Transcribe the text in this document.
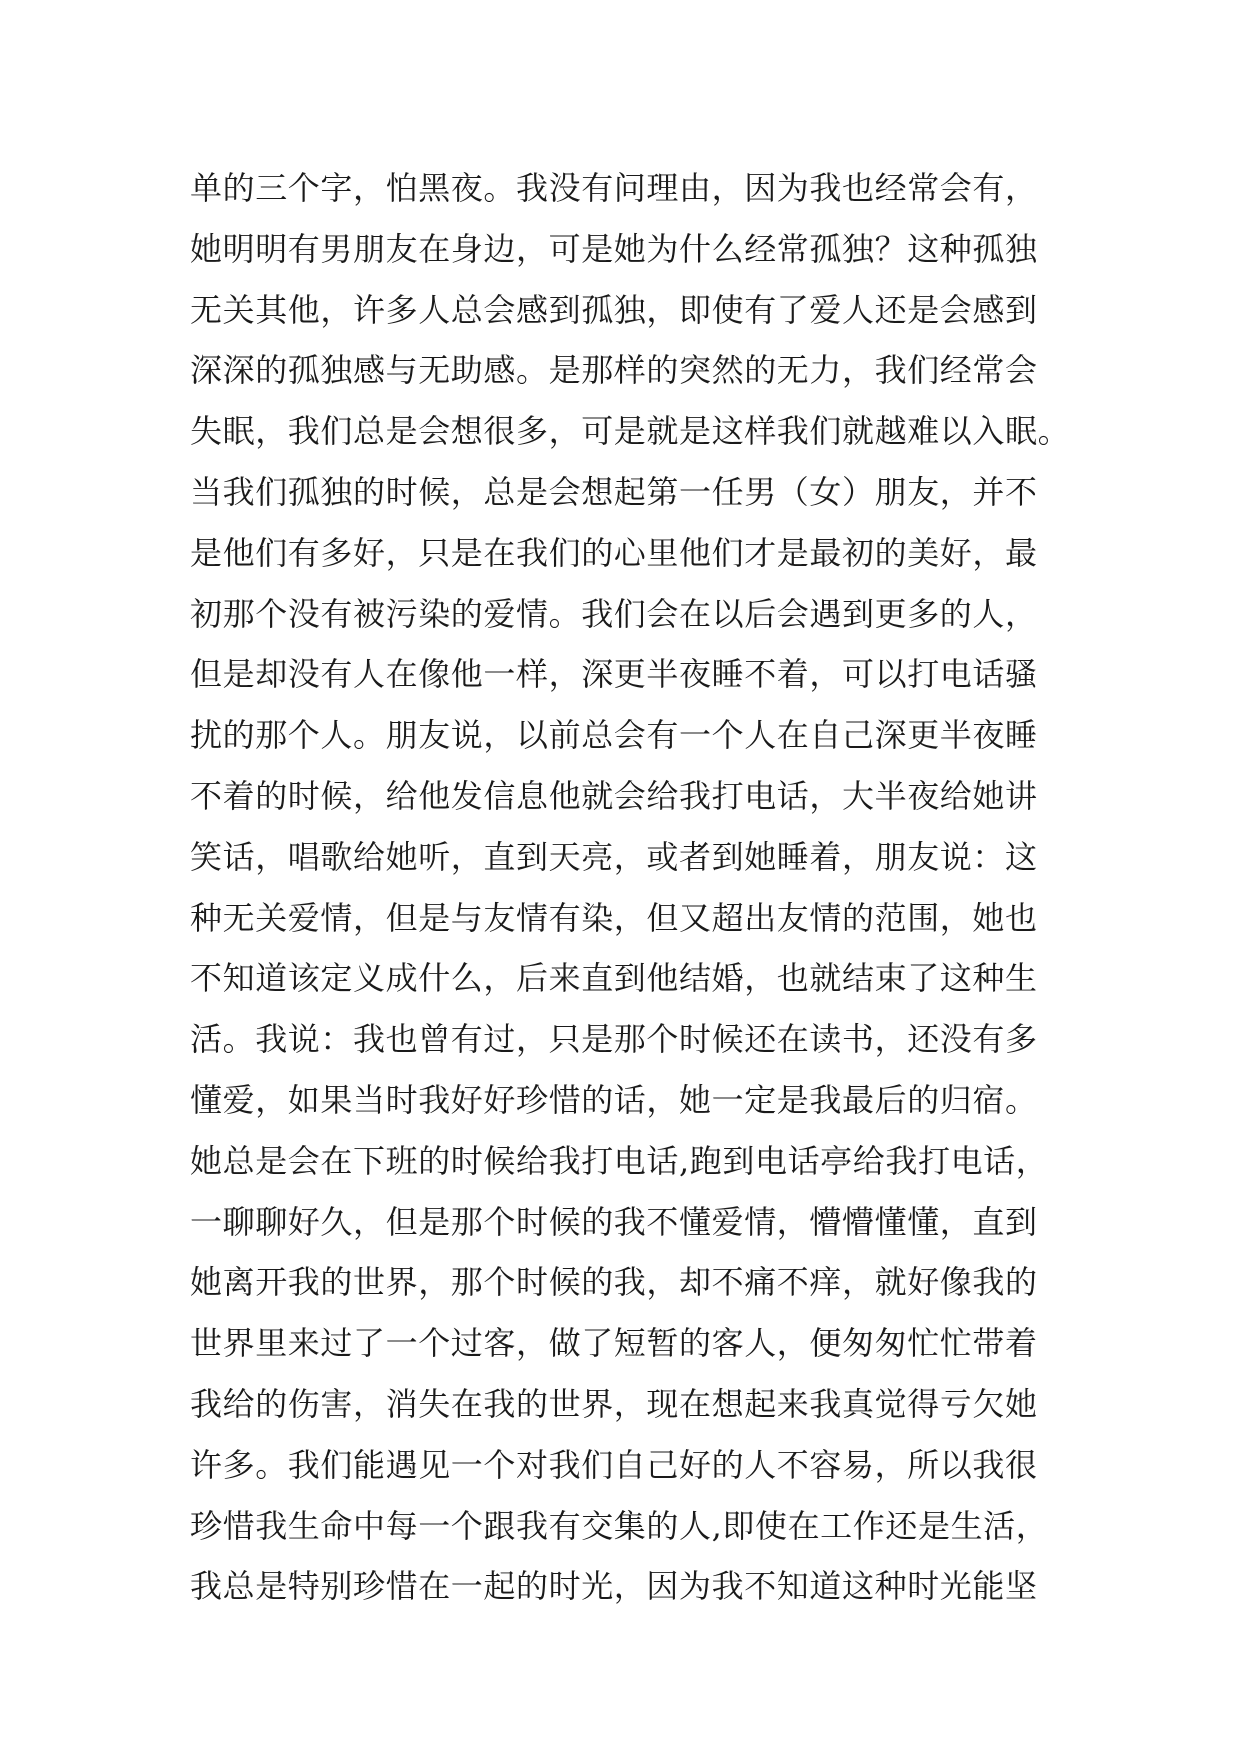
单的三个字，怕黑夜。我没有问理由，因为我也经常会有，
她明明有男朋友在身边，可是她为什么经常孤独？这种孤独
无关其他，许多人总会感到孤独，即使有了爱人还是会感到
深深的孤独感与无助感。是那样的突然的无力，我们经常会
失眠，我们总是会想很多，可是就是这样我们就越难以入眠。
当我们孤独的时候，总是会想起第一任男（女）朋友，并不
是他们有多好，只是在我们的心里他们才是最初的美好，最
初那个没有被污染的爱情。我们会在以后会遇到更多的人，
但是却没有人在像他一样，深更半夜睡不着，可以打电话骚
扰的那个人。朋友说，以前总会有一个人在自己深更半夜睡
不着的时候，给他发信息他就会给我打电话，大半夜给她讲
笑话，唱歌给她听，直到天亮，或者到她睡着，朋友说：这
种无关爱情，但是与友情有染，但又超出友情的范围，她也
不知道该定义成什么，后来直到他结婚，也就结束了这种生
活。我说：我也曾有过，只是那个时候还在读书，还没有多
懂爱，如果当时我好好珍惜的话，她一定是我最后的归宿。
她总是会在下班的时候给我打电话,跑到电话亭给我打电话，
一聊聊好久，但是那个时候的我不懂爱情，懵懵懂懂，直到
她离开我的世界，那个时候的我，却不痛不痒，就好像我的
世界里来过了一个过客，做了短暂的客人，便匆匆忙忙带着
我给的伤害，消失在我的世界，现在想起来我真觉得亏欠她
许多。我们能遇见一个对我们自己好的人不容易，所以我很
珍惜我生命中每一个跟我有交集的人,即使在工作还是生活，
我总是特别珍惜在一起的时光，因为我不知道这种时光能坚
